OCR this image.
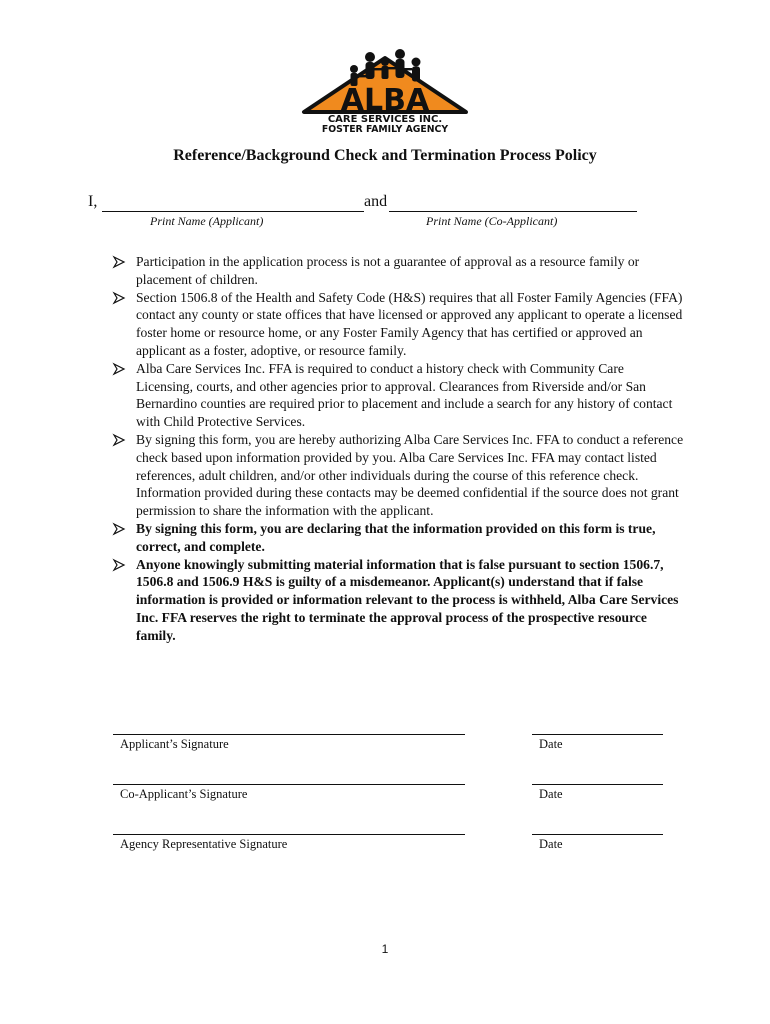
ALBA
CARE SERVICES INC.
FOSTER FAMILY AGENCY
Reference/Background Check and Termination Process Policy
I,	and
Print Name (Applicant)	Print Name (Co-Applicant)
Participation in the application process is not a guarantee of approval as a resource family or placement of children.
Section 1506.8 of the Health and Safety Code (H&S) requires that all Foster Family Agencies (FFA) contact any county or state offices that have licensed or approved any applicant to operate a licensed foster home or resource home, or any Foster Family Agency that has certified or approved an applicant as a foster, adoptive, or resource family.
Alba Care Services Inc. FFA is required to conduct a history check with Community Care Licensing, courts, and other agencies prior to approval. Clearances from Riverside and/or San Bernardino counties are required prior to placement and include a search for any history of contact with Child Protective Services.
By signing this form, you are hereby authorizing Alba Care Services Inc. FFA to conduct a reference check based upon information provided by you. Alba Care Services Inc. FFA may contact listed references, adult children, and/or other individuals during the course of this reference check. Information provided during these contacts may be deemed confidential if the source does not grant permission to share the information with the applicant.
By signing this form, you are declaring that the information provided on this form is true, correct, and complete.
Anyone knowingly submitting material information that is false pursuant to section 1506.7, 1506.8 and 1506.9 H&S is guilty of a misdemeanor. Applicant(s) understand that if false information is provided or information relevant to the process is withheld, Alba Care Services Inc. FFA reserves the right to terminate the approval process of the prospective resource family.
Applicant’s Signature	Date
Co-Applicant’s Signature	Date
Agency Representative Signature	Date
1
